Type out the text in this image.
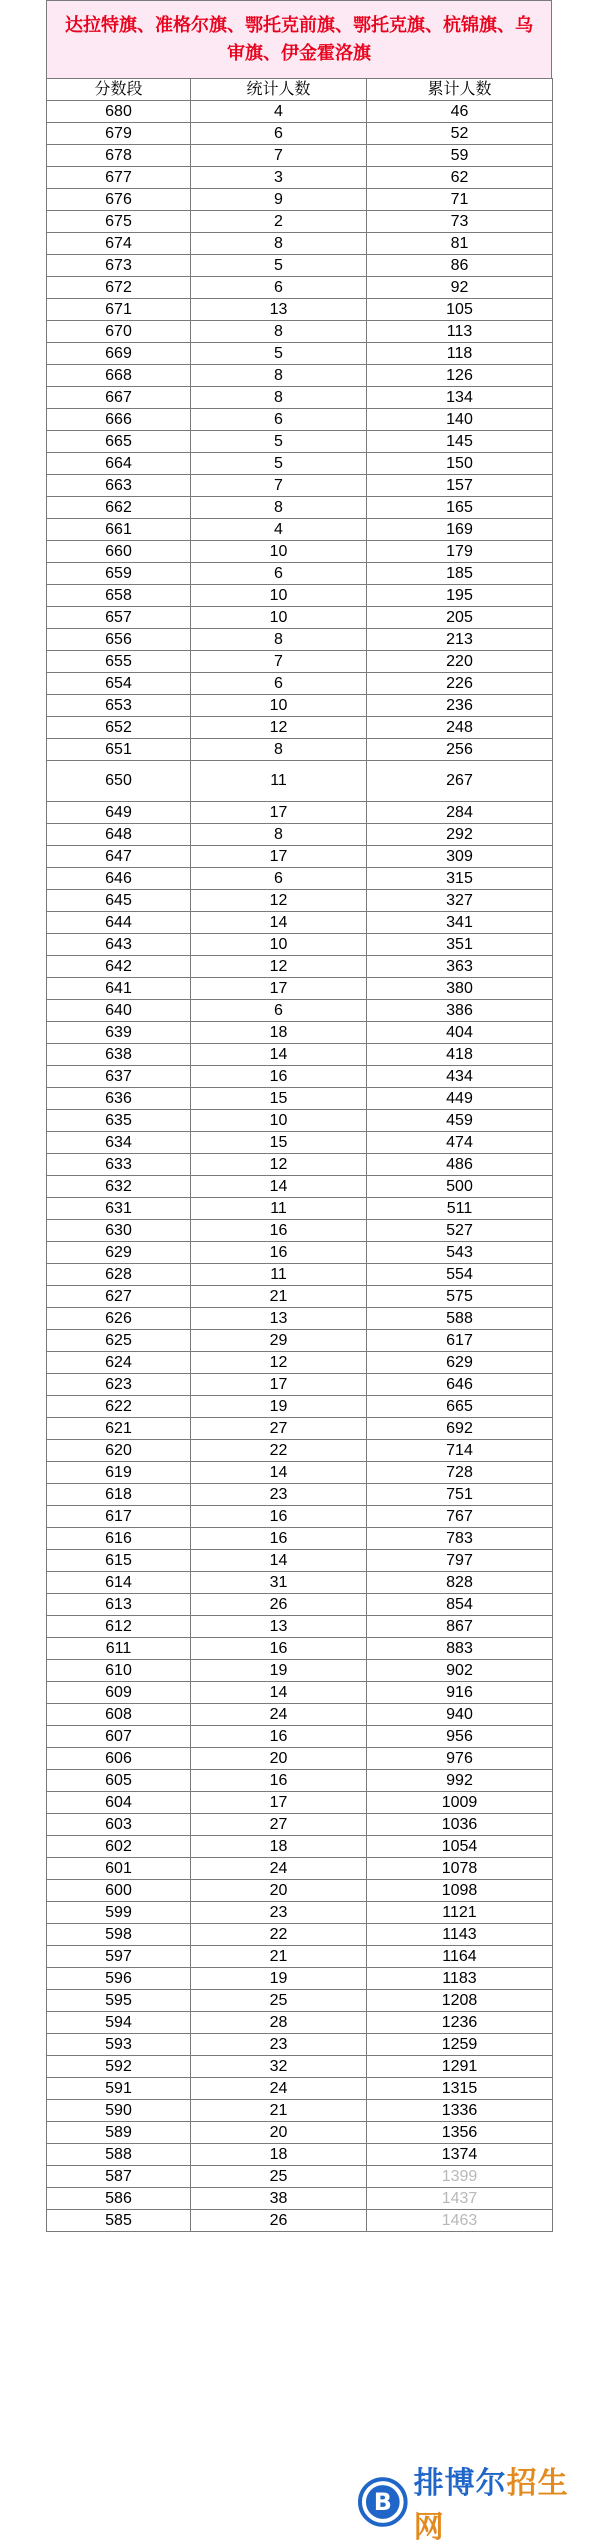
达拉特旗、准格尔旗、鄂托克前旗、鄂托克旗、杭锦旗、乌审旗、伊金霍洛旗
分数段	统计人数	累计人数
680	4	46
679	6	52
678	7	59
677	3	62
676	9	71
675	2	73
674	8	81
673	5	86
672	6	92
671	13	105
670	8	113
669	5	118
668	8	126
667	8	134
666	6	140
665	5	145
664	5	150
663	7	157
662	8	165
661	4	169
660	10	179
659	6	185
658	10	195
657	10	205
656	8	213
655	7	220
654	6	226
653	10	236
652	12	248
651	8	256
650	11	267
649	17	284
648	8	292
647	17	309
646	6	315
645	12	327
644	14	341
643	10	351
642	12	363
641	17	380
640	6	386
639	18	404
638	14	418
637	16	434
636	15	449
635	10	459
634	15	474
633	12	486
632	14	500
631	11	511
630	16	527
629	16	543
628	11	554
627	21	575
626	13	588
625	29	617
624	12	629
623	17	646
622	19	665
621	27	692
620	22	714
619	14	728
618	23	751
617	16	767
616	16	783
615	14	797
614	31	828
613	26	854
612	13	867
611	16	883
610	19	902
609	14	916
608	24	940
607	16	956
606	20	976
605	16	992
604	17	1009
603	27	1036
602	18	1054
601	24	1078
600	20	1098
599	23	1121
598	22	1143
597	21	1164
596	19	1183
595	25	1208
594	28	1236
593	23	1259
592	32	1291
591	24	1315
590	21	1336
589	20	1356
588	18	1374
587	25	1399
586	38	1437
585	26	1463
B
排博尔招生网
